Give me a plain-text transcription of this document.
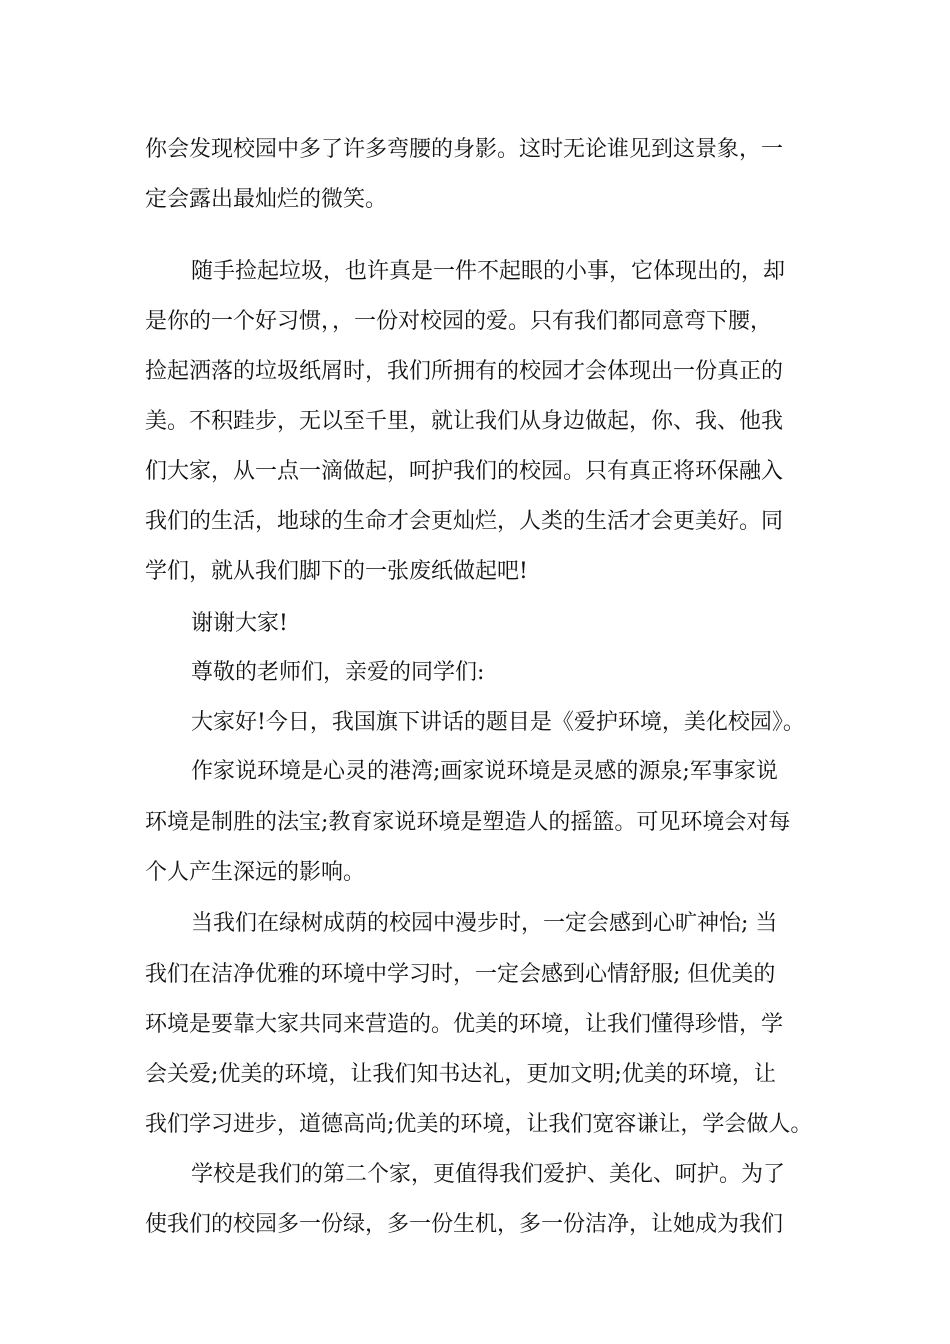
你会发现校园中多了许多弯腰的身影。这时无论谁见到这景象，一
定会露出最灿烂的微笑。
随手捡起垃圾，也许真是一件不起眼的小事，它体现出的，却
是你的一个好习惯，，一份对校园的爱。只有我们都同意弯下腰，
捡起洒落的垃圾纸屑时，我们所拥有的校园才会体现出一份真正的
美。不积跬步，无以至千里，就让我们从身边做起，你、我、他我
们大家，从一点一滴做起，呵护我们的校园。只有真正将环保融入
我们的生活，地球的生命才会更灿烂，人类的生活才会更美好。同
学们，就从我们脚下的一张废纸做起吧!
谢谢大家!
尊敬的老师们，亲爱的同学们:
大家好!今日，我国旗下讲话的题目是《爱护环境，美化校园》。
作家说环境是心灵的港湾;画家说环境是灵感的源泉;军事家说
环境是制胜的法宝;教育家说环境是塑造人的摇篮。可见环境会对每
个人产生深远的影响。
当我们在绿树成荫的校园中漫步时，一定会感到心旷神怡; 当
我们在洁净优雅的环境中学习时，一定会感到心情舒服; 但优美的
环境是要靠大家共同来营造的。优美的环境，让我们懂得珍惜，学
会关爱;优美的环境，让我们知书达礼，更加文明;优美的环境，让
我们学习进步，道德高尚;优美的环境，让我们宽容谦让，学会做人。
学校是我们的第二个家，更值得我们爱护、美化、呵护。为了
使我们的校园多一份绿，多一份生机，多一份洁净，让她成为我们
